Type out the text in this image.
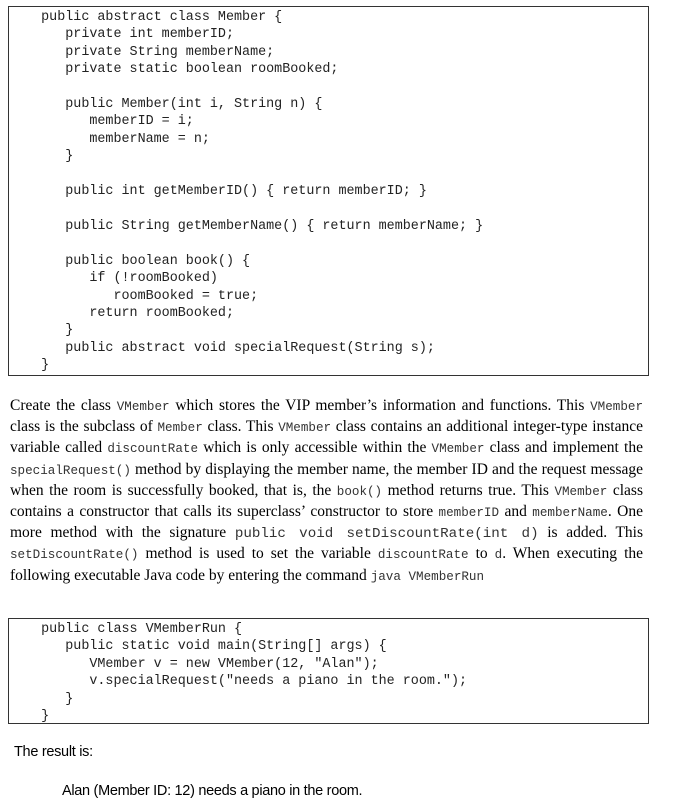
public abstract class Member {
private int memberID;
private String memberName;
private static boolean roomBooked;

public Member(int i, String n) {
memberID = i;
memberName = n;
}

public int getMemberID() { return memberID; }

public String getMemberName() { return memberName; }

public boolean book() {
if (!roomBooked)
roomBooked = true;
return roomBooked;
}
public abstract void specialRequest(String s);
}

Create the class VMember which stores the VIP member’s information and functions. This VMember class is the subclass of Member class. This VMember class contains an additional integer-type instance variable called discountRate which is only accessible within the VMember class and implement the specialRequest() method by displaying the member name, the member ID and the request message when the room is successfully booked, that is, the book() method returns true. This VMember class contains a constructor that calls its superclass’ constructor to store memberID and memberName. One more method with the signature public void setDiscountRate(int d) is added. This setDiscountRate() method is used to set the variable discountRate to d. When executing the following executable Java code by entering the command java VMemberRun

public class VMemberRun {
public static void main(String[] args) {
VMember v = new VMember(12, "Alan");
v.specialRequest("needs a piano in the room.");
}
}
The result is:
Alan (Member ID: 12) needs a piano in the room.
